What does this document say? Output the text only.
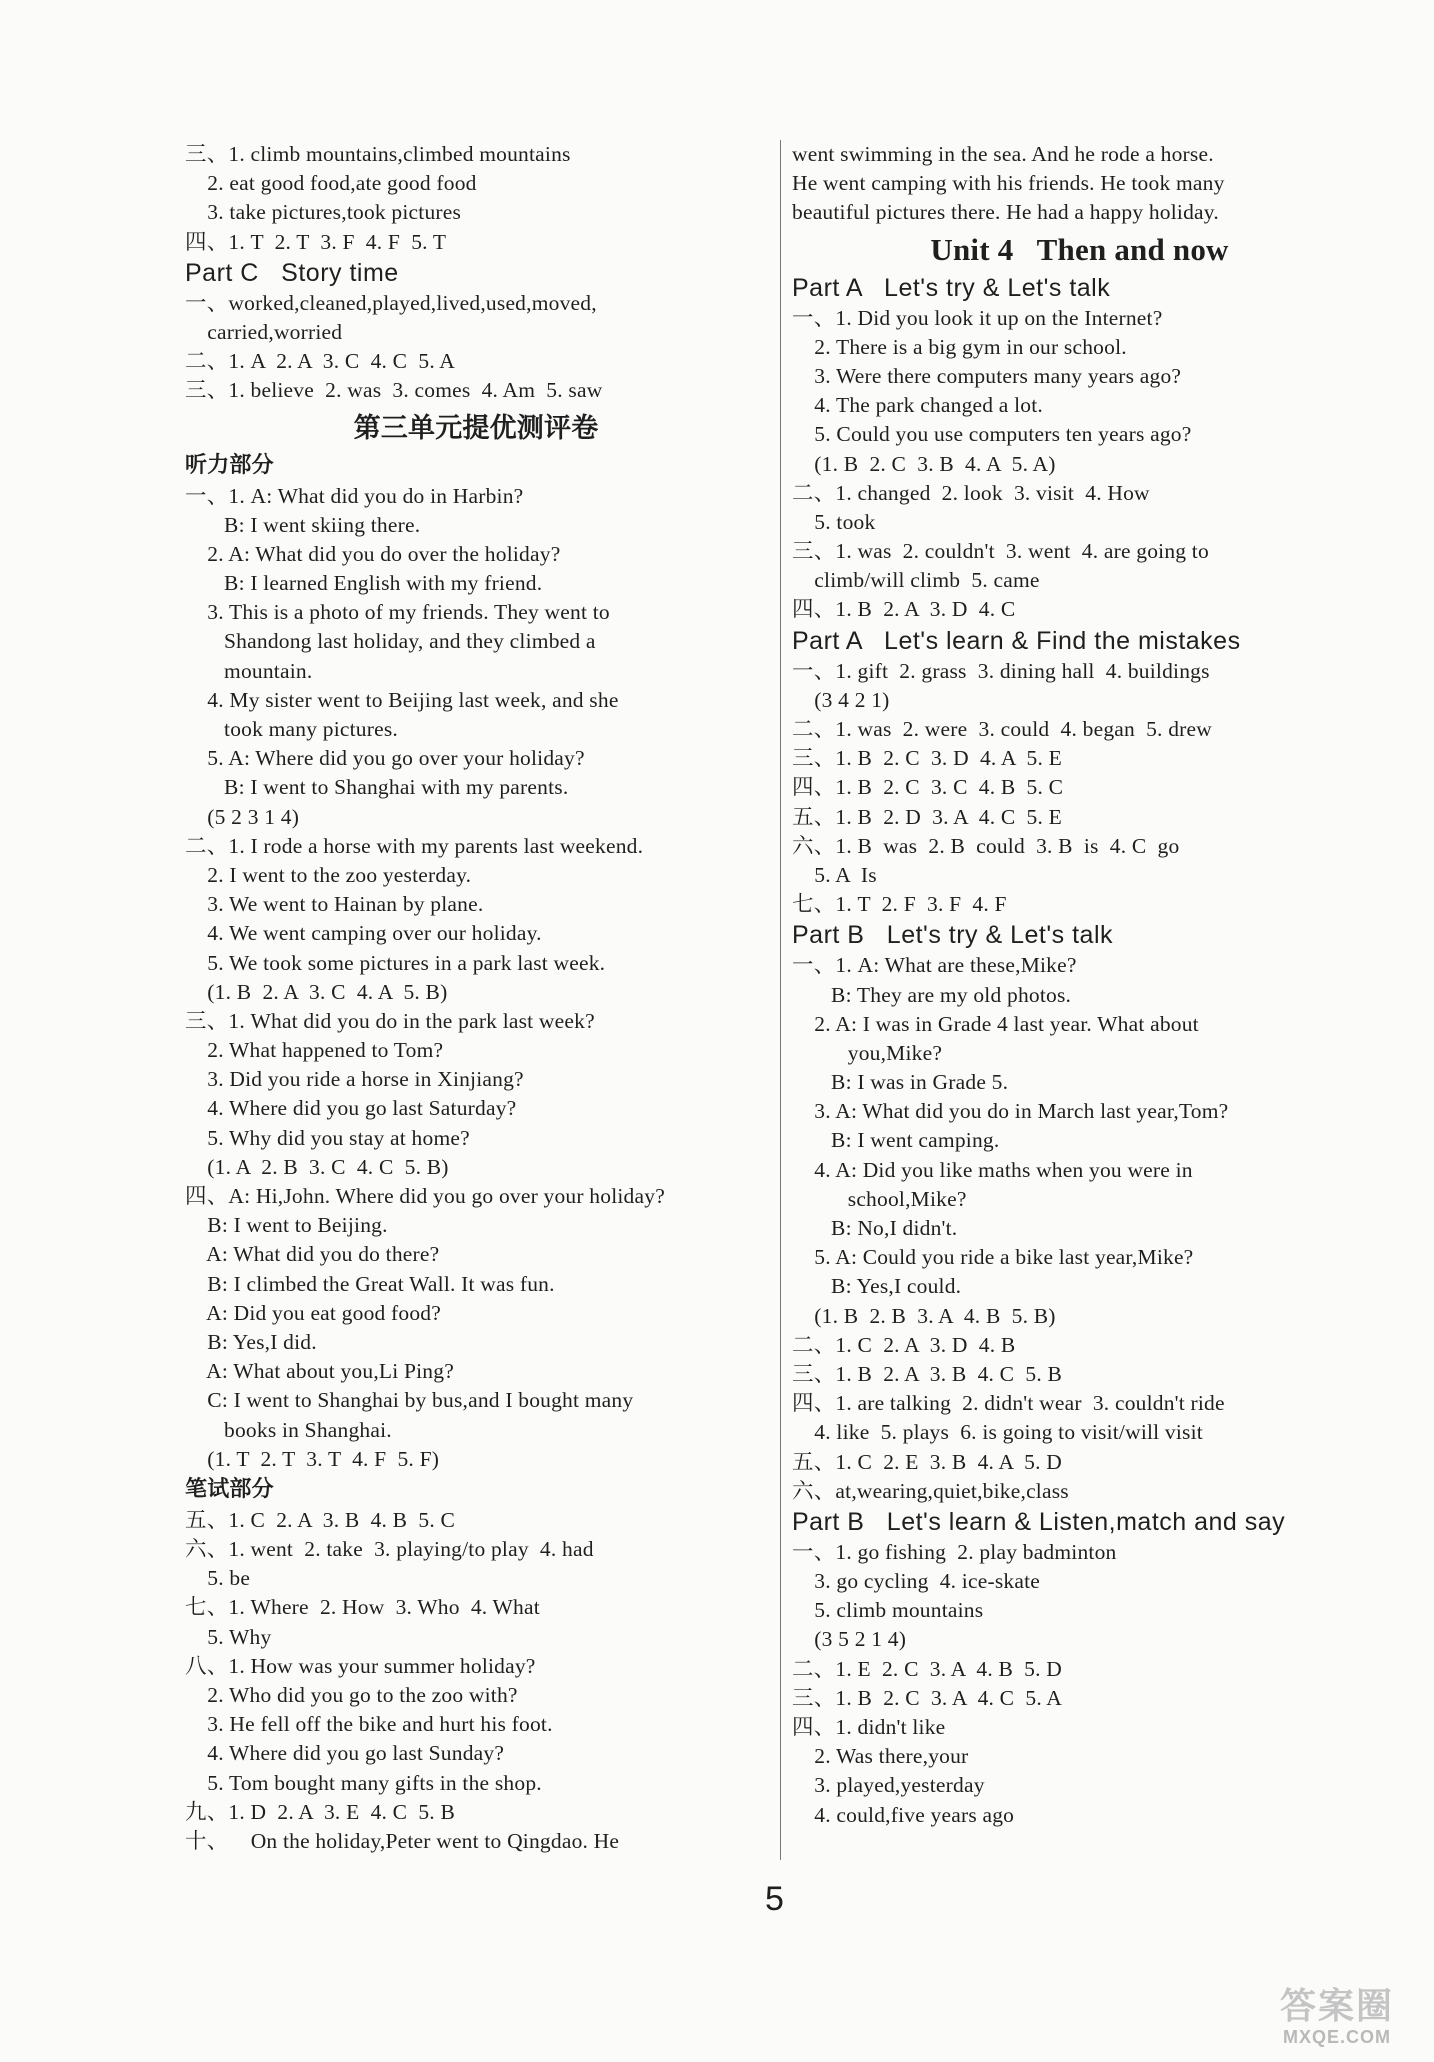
三、1. climb mountains,climbed mountains
2. eat good food,ate good food
3. take pictures,took pictures
四、1. T  2. T  3. F  4. F  5. T
Part C   Story time
一、worked,cleaned,played,lived,used,moved,
carried,worried
二、1. A  2. A  3. C  4. C  5. A
三、1. believe  2. was  3. comes  4. Am  5. saw
第三单元提优测评卷
听力部分
一、1. A: What did you do in Harbin?
B: I went skiing there.
2. A: What did you do over the holiday?
B: I learned English with my friend.
3. This is a photo of my friends. They went to
Shandong last holiday, and they climbed a
mountain.
4. My sister went to Beijing last week, and she
took many pictures.
5. A: Where did you go over your holiday?
B: I went to Shanghai with my parents.
(5 2 3 1 4)
二、1. I rode a horse with my parents last weekend.
2. I went to the zoo yesterday.
3. We went to Hainan by plane.
4. We went camping over our holiday.
5. We took some pictures in a park last week.
(1. B  2. A  3. C  4. A  5. B)
三、1. What did you do in the park last week?
2. What happened to Tom?
3. Did you ride a horse in Xinjiang?
4. Where did you go last Saturday?
5. Why did you stay at home?
(1. A  2. B  3. C  4. C  5. B)
四、A: Hi,John. Where did you go over your holiday?
B: I went to Beijing.
A: What did you do there?
B: I climbed the Great Wall. It was fun.
A: Did you eat good food?
B: Yes,I did.
A: What about you,Li Ping?
C: I went to Shanghai by bus,and I bought many
books in Shanghai.
(1. T  2. T  3. T  4. F  5. F)
笔试部分
五、1. C  2. A  3. B  4. B  5. C
六、1. went  2. take  3. playing/to play  4. had
5. be
七、1. Where  2. How  3. Who  4. What
5. Why
八、1. How was your summer holiday?
2. Who did you go to the zoo with?
3. He fell off the bike and hurt his foot.
4. Where did you go last Sunday?
5. Tom bought many gifts in the shop.
九、1. D  2. A  3. E  4. C  5. B
十、    On the holiday,Peter went to Qingdao. He
went swimming in the sea. And he rode a horse.
He went camping with his friends. He took many
beautiful pictures there. He had a happy holiday.
Unit 4   Then and now
Part A   Let's try & Let's talk
一、1. Did you look it up on the Internet?
2. There is a big gym in our school.
3. Were there computers many years ago?
4. The park changed a lot.
5. Could you use computers ten years ago?
(1. B  2. C  3. B  4. A  5. A)
二、1. changed  2. look  3. visit  4. How
5. took
三、1. was  2. couldn't  3. went  4. are going to
climb/will climb  5. came
四、1. B  2. A  3. D  4. C
Part A   Let's learn & Find the mistakes
一、1. gift  2. grass  3. dining hall  4. buildings
(3 4 2 1)
二、1. was  2. were  3. could  4. began  5. drew
三、1. B  2. C  3. D  4. A  5. E
四、1. B  2. C  3. C  4. B  5. C
五、1. B  2. D  3. A  4. C  5. E
六、1. B  was  2. B  could  3. B  is  4. C  go
5. A  Is
七、1. T  2. F  3. F  4. F
Part B   Let's try & Let's talk
一、1. A: What are these,Mike?
B: They are my old photos.
2. A: I was in Grade 4 last year. What about
you,Mike?
B: I was in Grade 5.
3. A: What did you do in March last year,Tom?
B: I went camping.
4. A: Did you like maths when you were in
school,Mike?
B: No,I didn't.
5. A: Could you ride a bike last year,Mike?
B: Yes,I could.
(1. B  2. B  3. A  4. B  5. B)
二、1. C  2. A  3. D  4. B
三、1. B  2. A  3. B  4. C  5. B
四、1. are talking  2. didn't wear  3. couldn't ride
4. like  5. plays  6. is going to visit/will visit
五、1. C  2. E  3. B  4. A  5. D
六、at,wearing,quiet,bike,class
Part B   Let's learn & Listen,match and say
一、1. go fishing  2. play badminton
3. go cycling  4. ice-skate
5. climb mountains
(3 5 2 1 4)
二、1. E  2. C  3. A  4. B  5. D
三、1. B  2. C  3. A  4. C  5. A
四、1. didn't like
2. Was there,your
3. played,yesterday
4. could,five years ago
5
答案圈
MXQE.COM
